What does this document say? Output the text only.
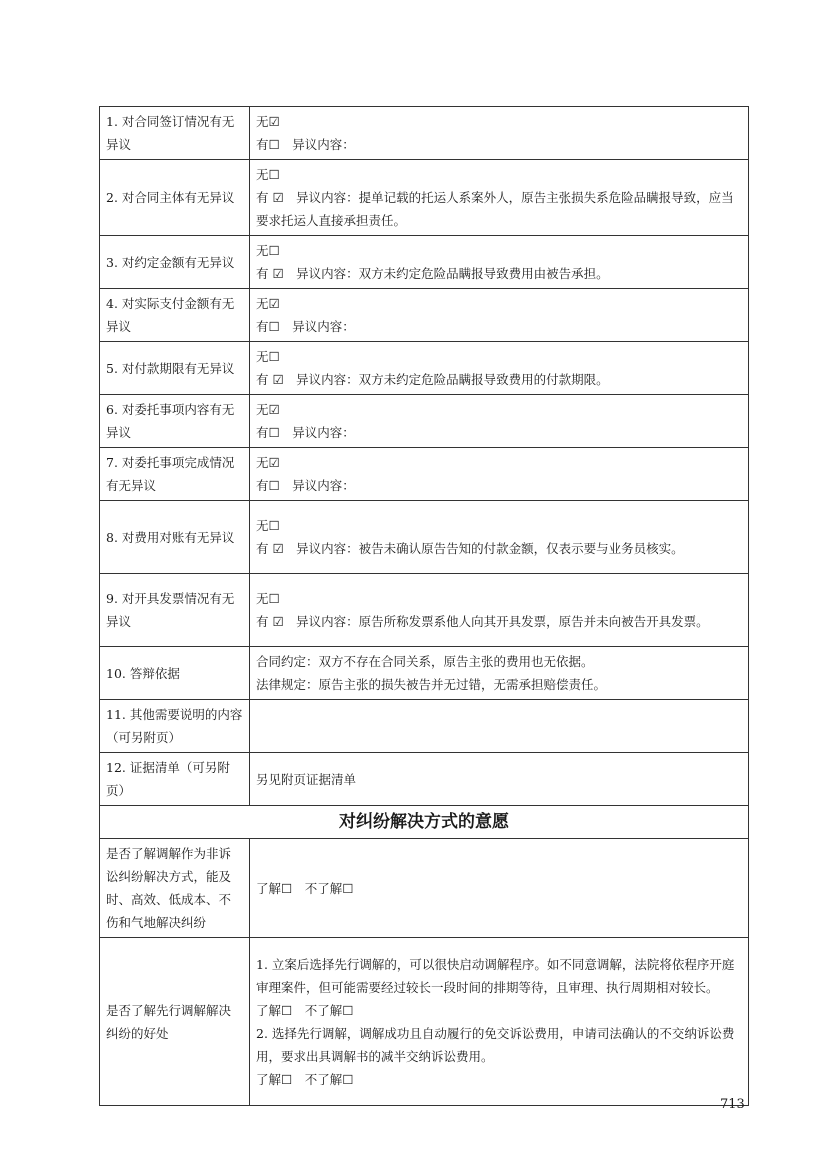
1. 对合同签订情况有无异议	无☑
有☐　异议内容：

2. 对合同主体有无异议	无☐
有 ☑　异议内容：提单记载的托运人系案外人，原告主张损失系危险品瞒报导致，应当要求托运人直接承担责任。

3. 对约定金额有无异议	无☐
有 ☑　异议内容：双方未约定危险品瞒报导致费用由被告承担。

4. 对实际支付金额有无异议	无☑
有☐　异议内容：

5. 对付款期限有无异议	无☐
有 ☑　异议内容：双方未约定危险品瞒报导致费用的付款期限。

6. 对委托事项内容有无异议	无☑
有☐　异议内容：

7. 对委托事项完成情况有无异议	无☑
有☐　异议内容：

8. 对费用对账有无异议	无☐
有 ☑　异议内容：被告未确认原告告知的付款金额，仅表示要与业务员核实。

9. 对开具发票情况有无异议	无☐
有 ☑　异议内容：原告所称发票系他人向其开具发票，原告并未向被告开具发票。

10. 答辩依据	合同约定：双方不存在合同关系，原告主张的费用也无依据。
法律规定：原告主张的损失被告并无过错，无需承担赔偿责任。

11. 其他需要说明的内容（可另附页）	
12. 证据清单（可另附页）	另见附页证据清单

对纠纷解决方式的意愿	
是否了解调解作为非诉讼纠纷解决方式，能及时、高效、低成本、不伤和气地解决纠纷	了解☐　不了解☐

是否了解先行调解解决纠纷的好处	1. 立案后选择先行调解的，可以很快启动调解程序。如不同意调解，法院将依程序开庭审理案件，但可能需要经过较长一段时间的排期等待，且审理、执行周期相对较长。
了解☐　不了解☐
2. 选择先行调解，调解成功且自动履行的免交诉讼费用，申请司法确认的不交纳诉讼费用，要求出具调解书的减半交纳诉讼费用。
了解☐　不了解☐
713
